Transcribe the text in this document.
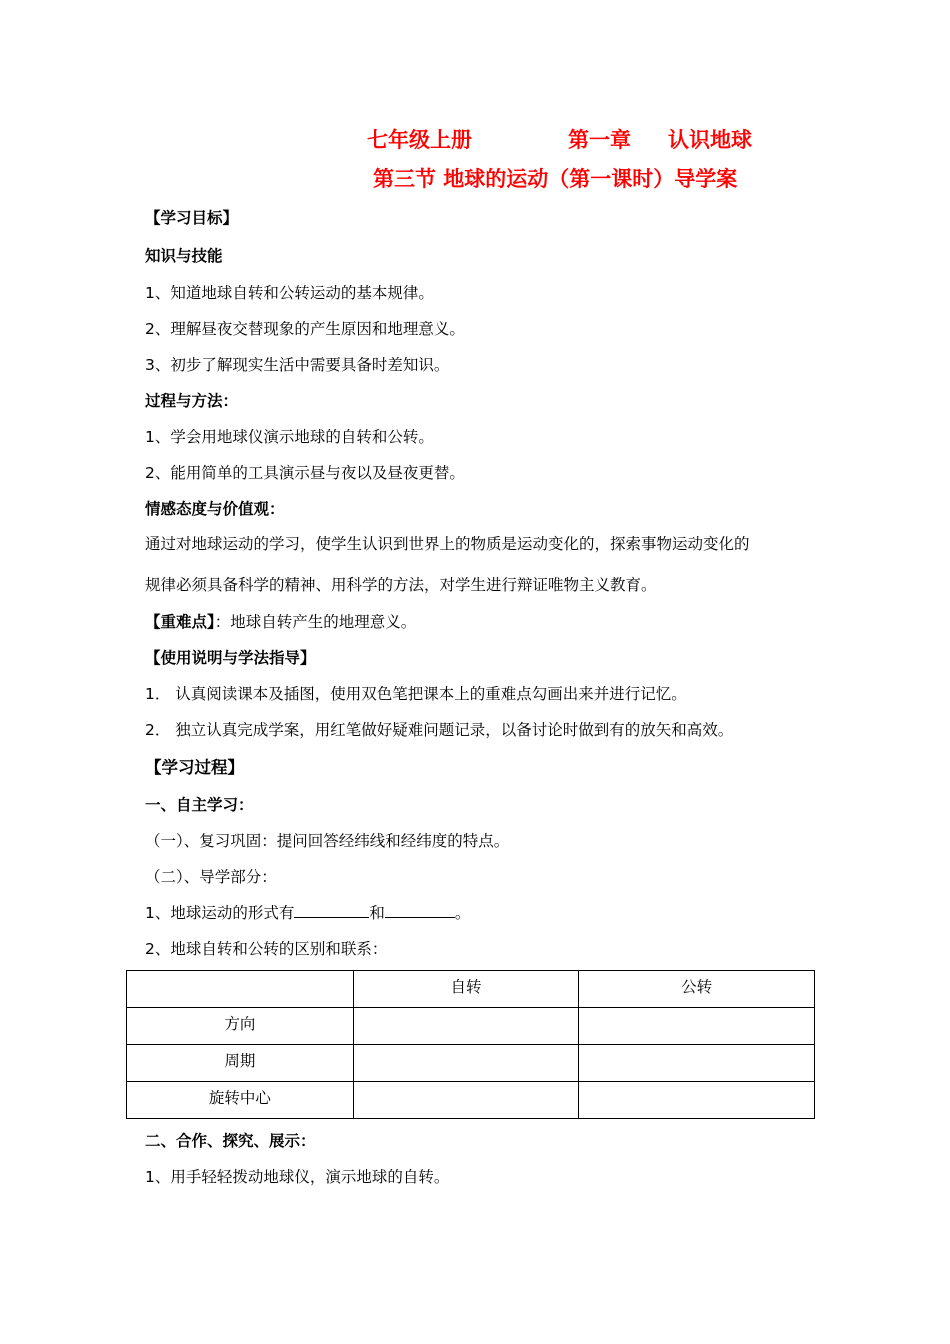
七年级上册	第一章 认识地球
第三节 地球的运动（第一课时）导学案
【学习目标】
知识与技能
1、知道地球自转和公转运动的基本规律。
2、理解昼夜交替现象的产生原因和地理意义。
3、初步了解现实生活中需要具备时差知识。
过程与方法：
1、学会用地球仪演示地球的自转和公转。
2、能用简单的工具演示昼与夜以及昼夜更替。
情感态度与价值观：
通过对地球运动的学习，使学生认识到世界上的物质是运动变化的，探索事物运动变化的
规律必须具备科学的精神、用科学的方法，对学生进行辩证唯物主义教育。
【重难点】：地球自转产生的地理意义。
【使用说明与学法指导】
1． 认真阅读课本及插图，使用双色笔把课本上的重难点勾画出来并进行记忆。
2． 独立认真完成学案，用红笔做好疑难问题记录，以备讨论时做到有的放矢和高效。
【学习过程】
一、自主学习：
（一）、复习巩固：提问回答经纬线和经纬度的特点。
（二）、导学部分：
1、地球运动的形式有	和	。
2、地球自转和公转的区别和联系：
	自转	公转
方向		
周期		
旋转中心		
二、合作、探究、展示：
1、用手轻轻拨动地球仪，演示地球的自转。
